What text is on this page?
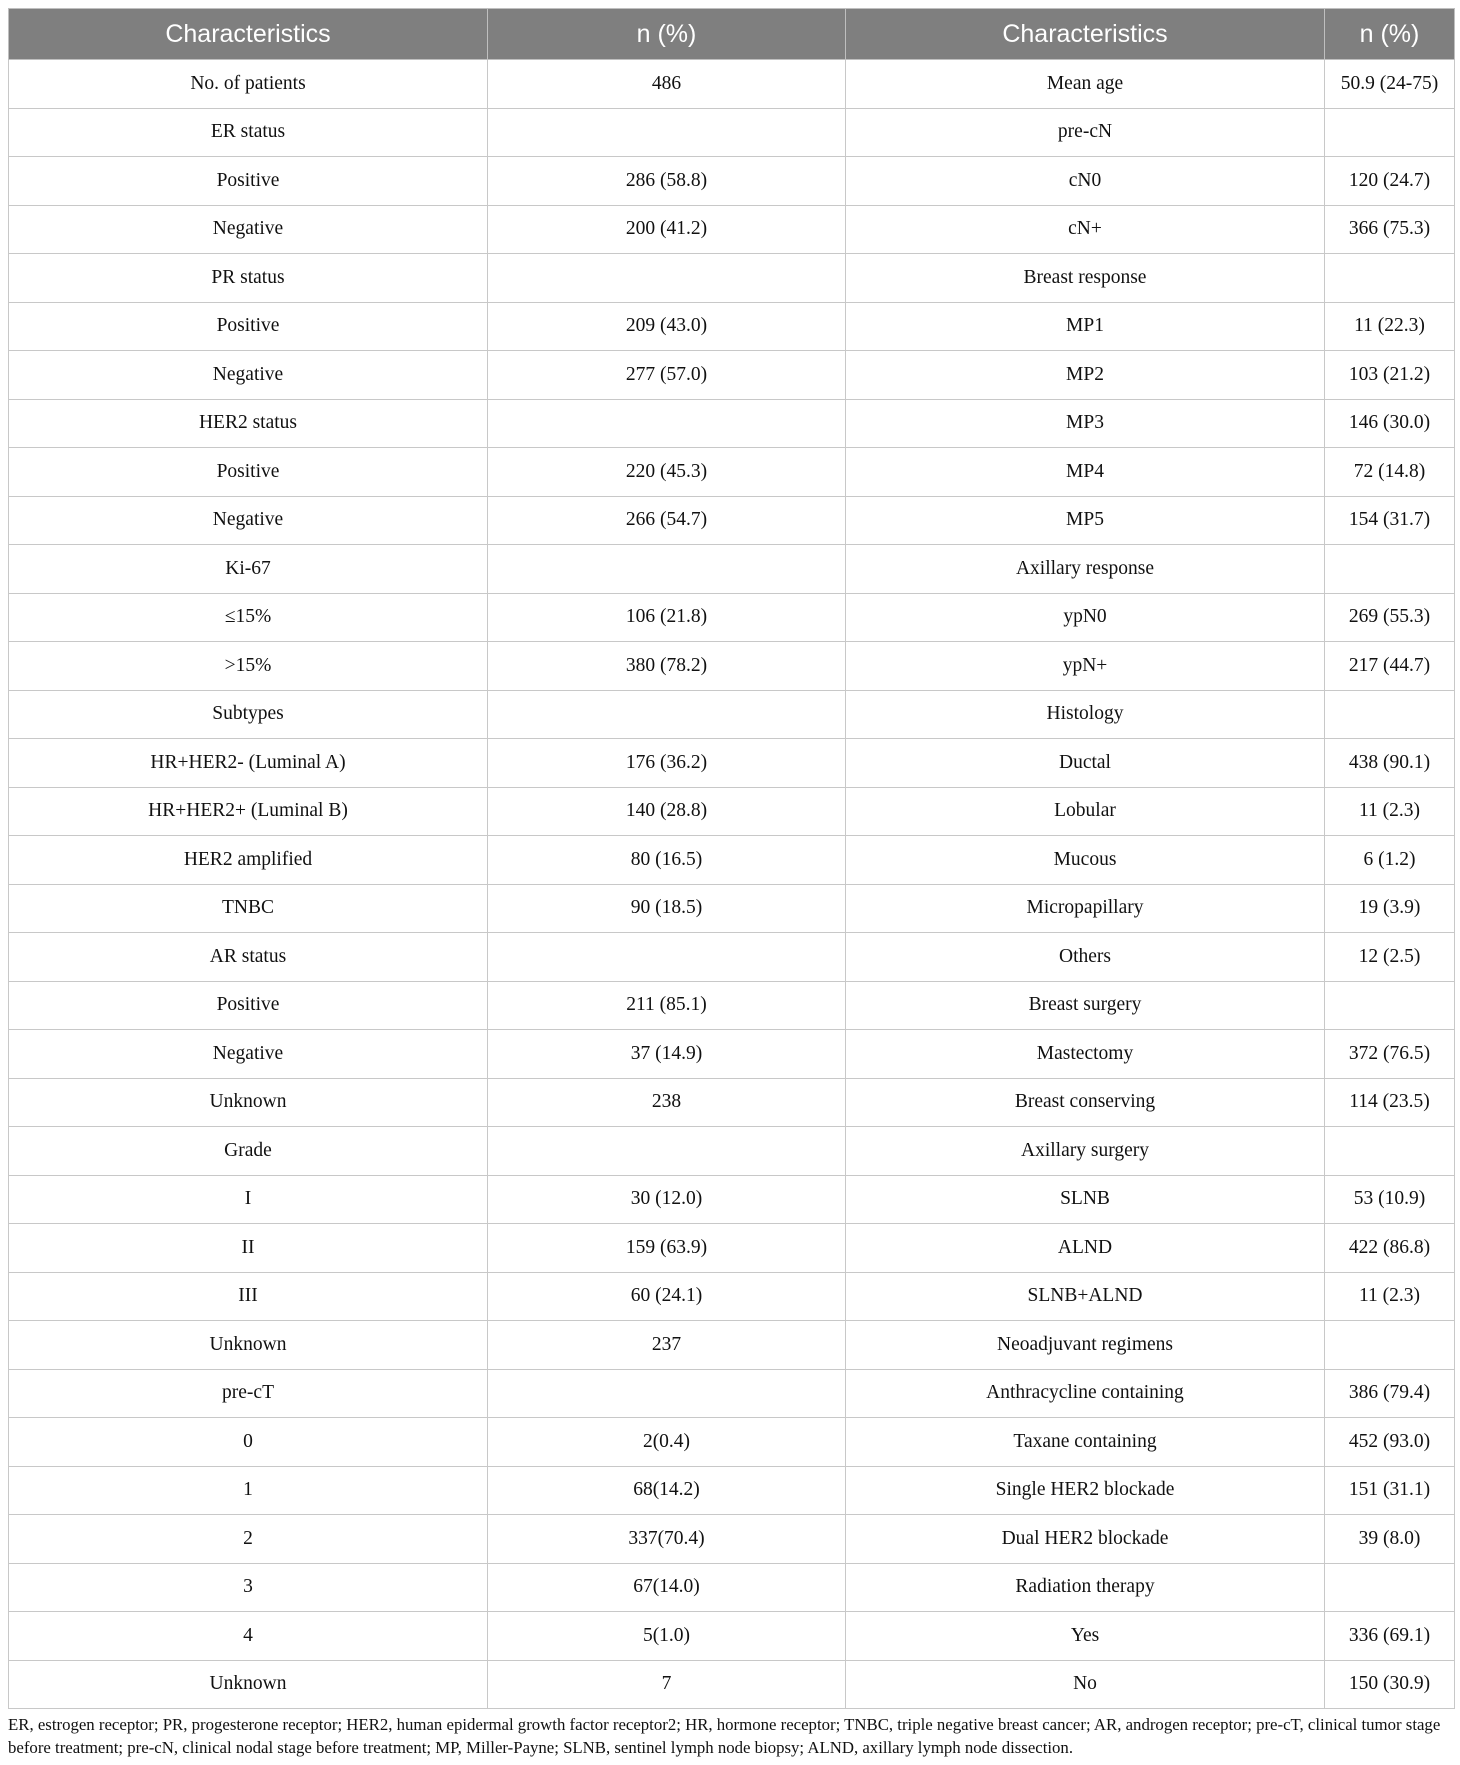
Characteristics	n (%)	Characteristics	n (%)
No. of patients	486	Mean age	50.9 (24-75)
ER status		pre-cN	
Positive	286 (58.8)	cN0	120 (24.7)
Negative	200 (41.2)	cN+	366 (75.3)
PR status		Breast response	
Positive	209 (43.0)	MP1	11 (22.3)
Negative	277 (57.0)	MP2	103 (21.2)
HER2 status		MP3	146 (30.0)
Positive	220 (45.3)	MP4	72 (14.8)
Negative	266 (54.7)	MP5	154 (31.7)
Ki-67		Axillary response	
≤15%	106 (21.8)	ypN0	269 (55.3)
>15%	380 (78.2)	ypN+	217 (44.7)
Subtypes		Histology	
HR+HER2- (Luminal A)	176 (36.2)	Ductal	438 (90.1)
HR+HER2+ (Luminal B)	140 (28.8)	Lobular	11 (2.3)
HER2 amplified	80 (16.5)	Mucous	6 (1.2)
TNBC	90 (18.5)	Micropapillary	19 (3.9)
AR status		Others	12 (2.5)
Positive	211 (85.1)	Breast surgery	
Negative	37 (14.9)	Mastectomy	372 (76.5)
Unknown	238	Breast conserving	114 (23.5)
Grade		Axillary surgery	
I	30 (12.0)	SLNB	53 (10.9)
II	159 (63.9)	ALND	422 (86.8)
III	60 (24.1)	SLNB+ALND	11 (2.3)
Unknown	237	Neoadjuvant regimens	
pre-cT		Anthracycline containing	386 (79.4)
0	2(0.4)	Taxane containing	452 (93.0)
1	68(14.2)	Single HER2 blockade	151 (31.1)
2	337(70.4)	Dual HER2 blockade	39 (8.0)
3	67(14.0)	Radiation therapy	
4	5(1.0)	Yes	336 (69.1)
Unknown	7	No	150 (30.9)
ER, estrogen receptor; PR, progesterone receptor; HER2, human epidermal growth factor receptor2; HR, hormone receptor; TNBC, triple negative breast cancer; AR, androgen receptor; pre-cT, clinical tumor stage before treatment; pre-cN, clinical nodal stage before treatment; MP, Miller-Payne; SLNB, sentinel lymph node biopsy; ALND, axillary lymph node dissection.
